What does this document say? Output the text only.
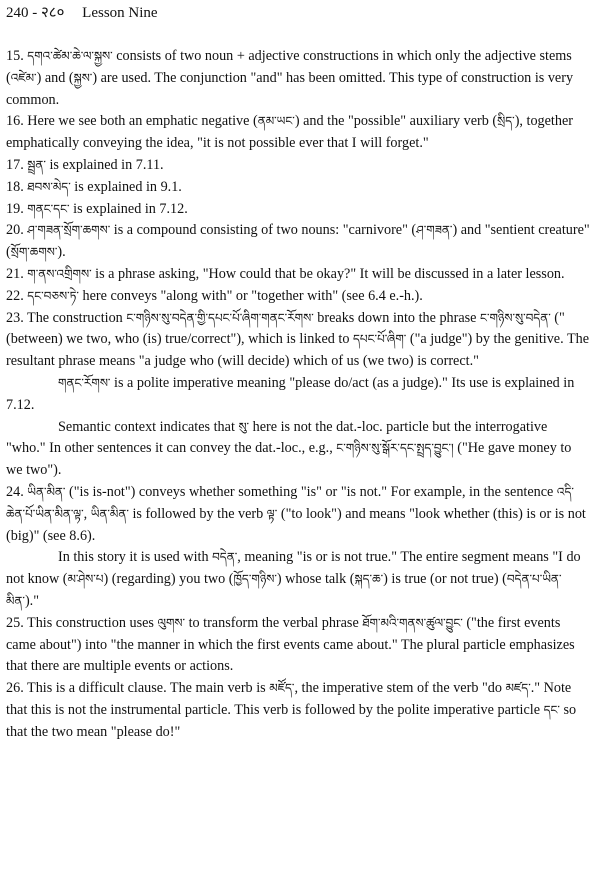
240 - २८० Lesson Nine

15. དགའ་ཚེམ་ཆེ་ལ་སྐྱས་ consists of two noun + adjective constructions in which only the adjective stems (འཛེམ་) and (སྐྱས་) are used. The conjunction "and" has been omitted. This type of construction is very common.

16. Here we see both an emphatic negative (ནམ་ཡང་) and the "possible" auxiliary verb (སྲིད་), together emphatically conveying the idea, "it is not possible ever that I will forget."

17. སྦྲན་ is explained in 7.11.

18. ཐབས་མེད་ is explained in 9.1.

19. གནང་དང་ is explained in 7.12.

20. ཤ་གཟན་སྲོག་ཆགས་ is a compound consisting of two nouns: "carnivore" (ཤ་གཟན་) and "sentient creature" (སྲོག་ཆགས་).

21. ག་ནས་འགྲིགས་ is a phrase asking, "How could that be okay?" It will be discussed in a later lesson.

22. དང་བཅས་ཏེ་ here conveys "along with" or "together with" (see 6.4 e.-h.).

23. The construction ང་གཉིས་སུ་བདེན་གྱི་དཔང་པོ་ཞིག་གནང་རོགས་ breaks down into the phrase ང་གཉིས་སུ་བདེན་ ("(between) we two, who (is) true/correct"), which is linked to དཔང་པོ་ཞིག་ ("a judge") by the genitive. The resultant phrase means "a judge who (will decide) which of us (we two) is correct."

གནང་རོགས་ is a polite imperative meaning "please do/act (as a judge)." Its use is explained in 7.12.

Semantic context indicates that སུ་ here is not the dat.-loc. particle but the interrogative "who." In other sentences it can convey the dat.-loc., e.g., ང་གཉིས་སུ་སྒོར་དང་སྤྲད་བྱུང་། ("He gave money to we two").

24. ཡིན་མིན་ ("is is-not") conveys whether something "is" or "is not." For example, in the sentence འདི་ཆེན་པོ་ཡིན་མིན་ལྟ་, ཡིན་མིན་ is followed by the verb ལྟ་ ("to look") and means "look whether (this) is or is not (big)" (see 8.6).

In this story it is used with བདེན་, meaning "is or is not true." The entire segment means "I do not know (མ་ཤེས་པ) (regarding) you two (ཁྱོད་གཉིས་) whose talk (སྐད་ཆ་) is true (or not true) (བདེན་པ་ཡིན་མིན་)."

25. This construction uses ལུགས་ to transform the verbal phrase ཐོག་མའི་གནས་ཚུལ་བྱུང་ ("the first events came about") into "the manner in which the first events came about." The plural particle emphasizes that there are multiple events or actions.

26. This is a difficult clause. The main verb is མཛོད་, the imperative stem of the verb "do མཛད་." Note that this is not the instrumental particle. This verb is followed by the polite imperative particle དང་ so that the two mean "please do!"
